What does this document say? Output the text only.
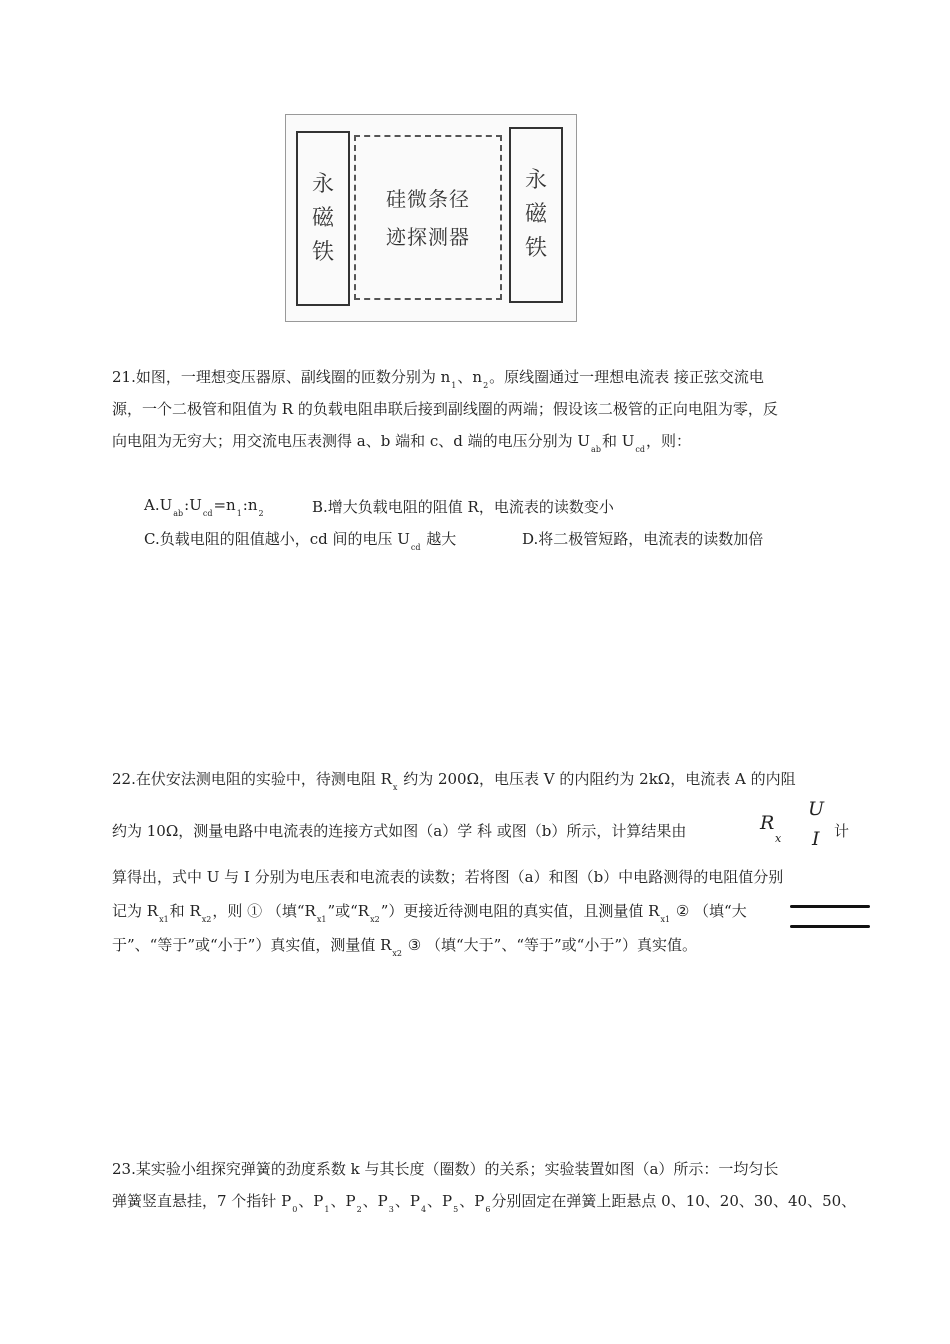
永
磁
铁
硅微条径
迹探测器
永
磁
铁
21.如图，一理想变压器原、副线圈的匝数分别为 $n_1$、$n_2$。原线圈通过一理想电流表 接正弦交流电
源，一个二极管和阻值为 R 的负载电阻串联后接到副线圈的两端；假设该二极管的正向电阻为零，反
向电阻为无穷大；用交流电压表测得 a、b 端和 c、d 端的电压分别为 $U_{ab}$和 $U_{cd}$，则：
$A.U_{ab}:U_{cd}=n_1:n_2$	B.增大负载电阻的阻值 R，电流表的读数变小
C.负载电阻的阻值越小，cd 间的电压 $U_{cd}$ 越大	D.将二极管短路，电流表的读数加倍
22.在伏安法测电阻的实验中，待测电阻 $R_x$ 约为 200Ω，电压表 V 的内阻约为 2kΩ，电流表 A 的内阻
约为 10Ω，测量电路中电流表的连接方式如图（a）学 科 或图（b）所示，计算结果由	R
x
U
I 计
算得出，式中 U 与 I 分别为电压表和电流表的读数；若将图（a）和图（b）中电路测得的电阻值分别
记为 $R_{x1}$和 $R_{x2}$，则 ① （填“$R_{x1}$”或“$R_{x2}$”）更接近待测电阻的真实值，且测量值 $R_{x1}$ ② （填“大
于”、“等于”或“小于”）真实值，测量值 $R_{x2}$ ③ （填“大于”、“等于”或“小于”）真实值。
23.某实验小组探究弹簧的劲度系数 k 与其长度（圈数）的关系；实验装置如图（a）所示：一均匀长
弹簧竖直悬挂，7 个指针 $P_0$、$P_1$、$P_2$、$P_3$、$P_4$、$P_5$、$P_6$分别固定在弹簧上距悬点 0、10、20、30、40、50、
